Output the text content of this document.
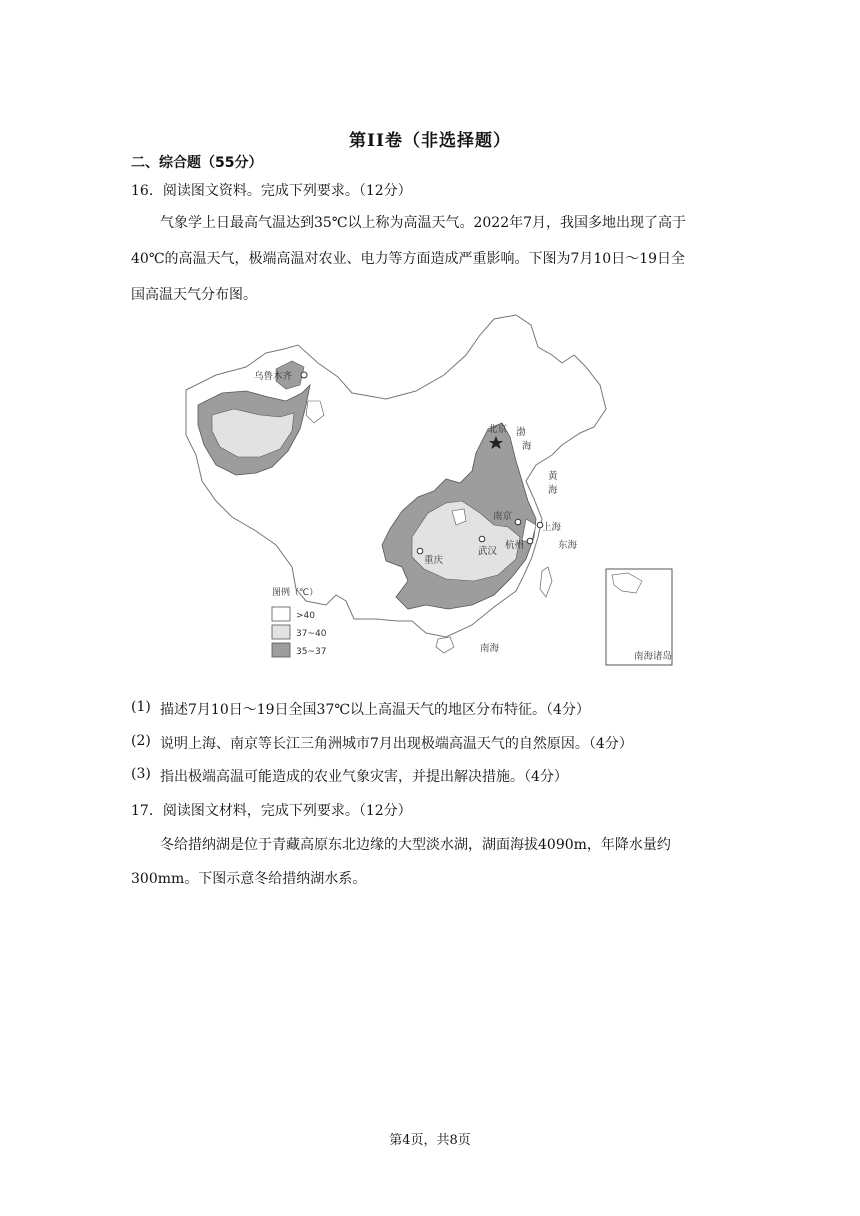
第II卷（非选择题）
二、综合题（55分）
16．阅读图文资料。完成下列要求。（12分）
气象学上日最高气温达到35℃以上称为高温天气。2022年7月，我国多地出现了高于
40℃的高温天气，极端高温对农业、电力等方面造成严重影响。下图为7月10日～19日全
国高温天气分布图。
南海诸岛
乌鲁木齐
北京 渤
海
黄
海
南京
上海
东海
武汉
杭州
重庆
南海
图例（℃）
>40
37~40
35~37
(1) 描述7月10日～19日全国37℃以上高温天气的地区分布特征。（4分）
(2) 说明上海、南京等长江三角洲城市7月出现极端高温天气的自然原因。（4分）
(3) 指出极端高温可能造成的农业气象灾害，并提出解决措施。（4分）
17．阅读图文材料，完成下列要求。（12分）
冬给措纳湖是位于青藏高原东北边缘的大型淡水湖，湖面海拔4090m，年降水量约
300mm。下图示意冬给措纳湖水系。
第4页，共8页
